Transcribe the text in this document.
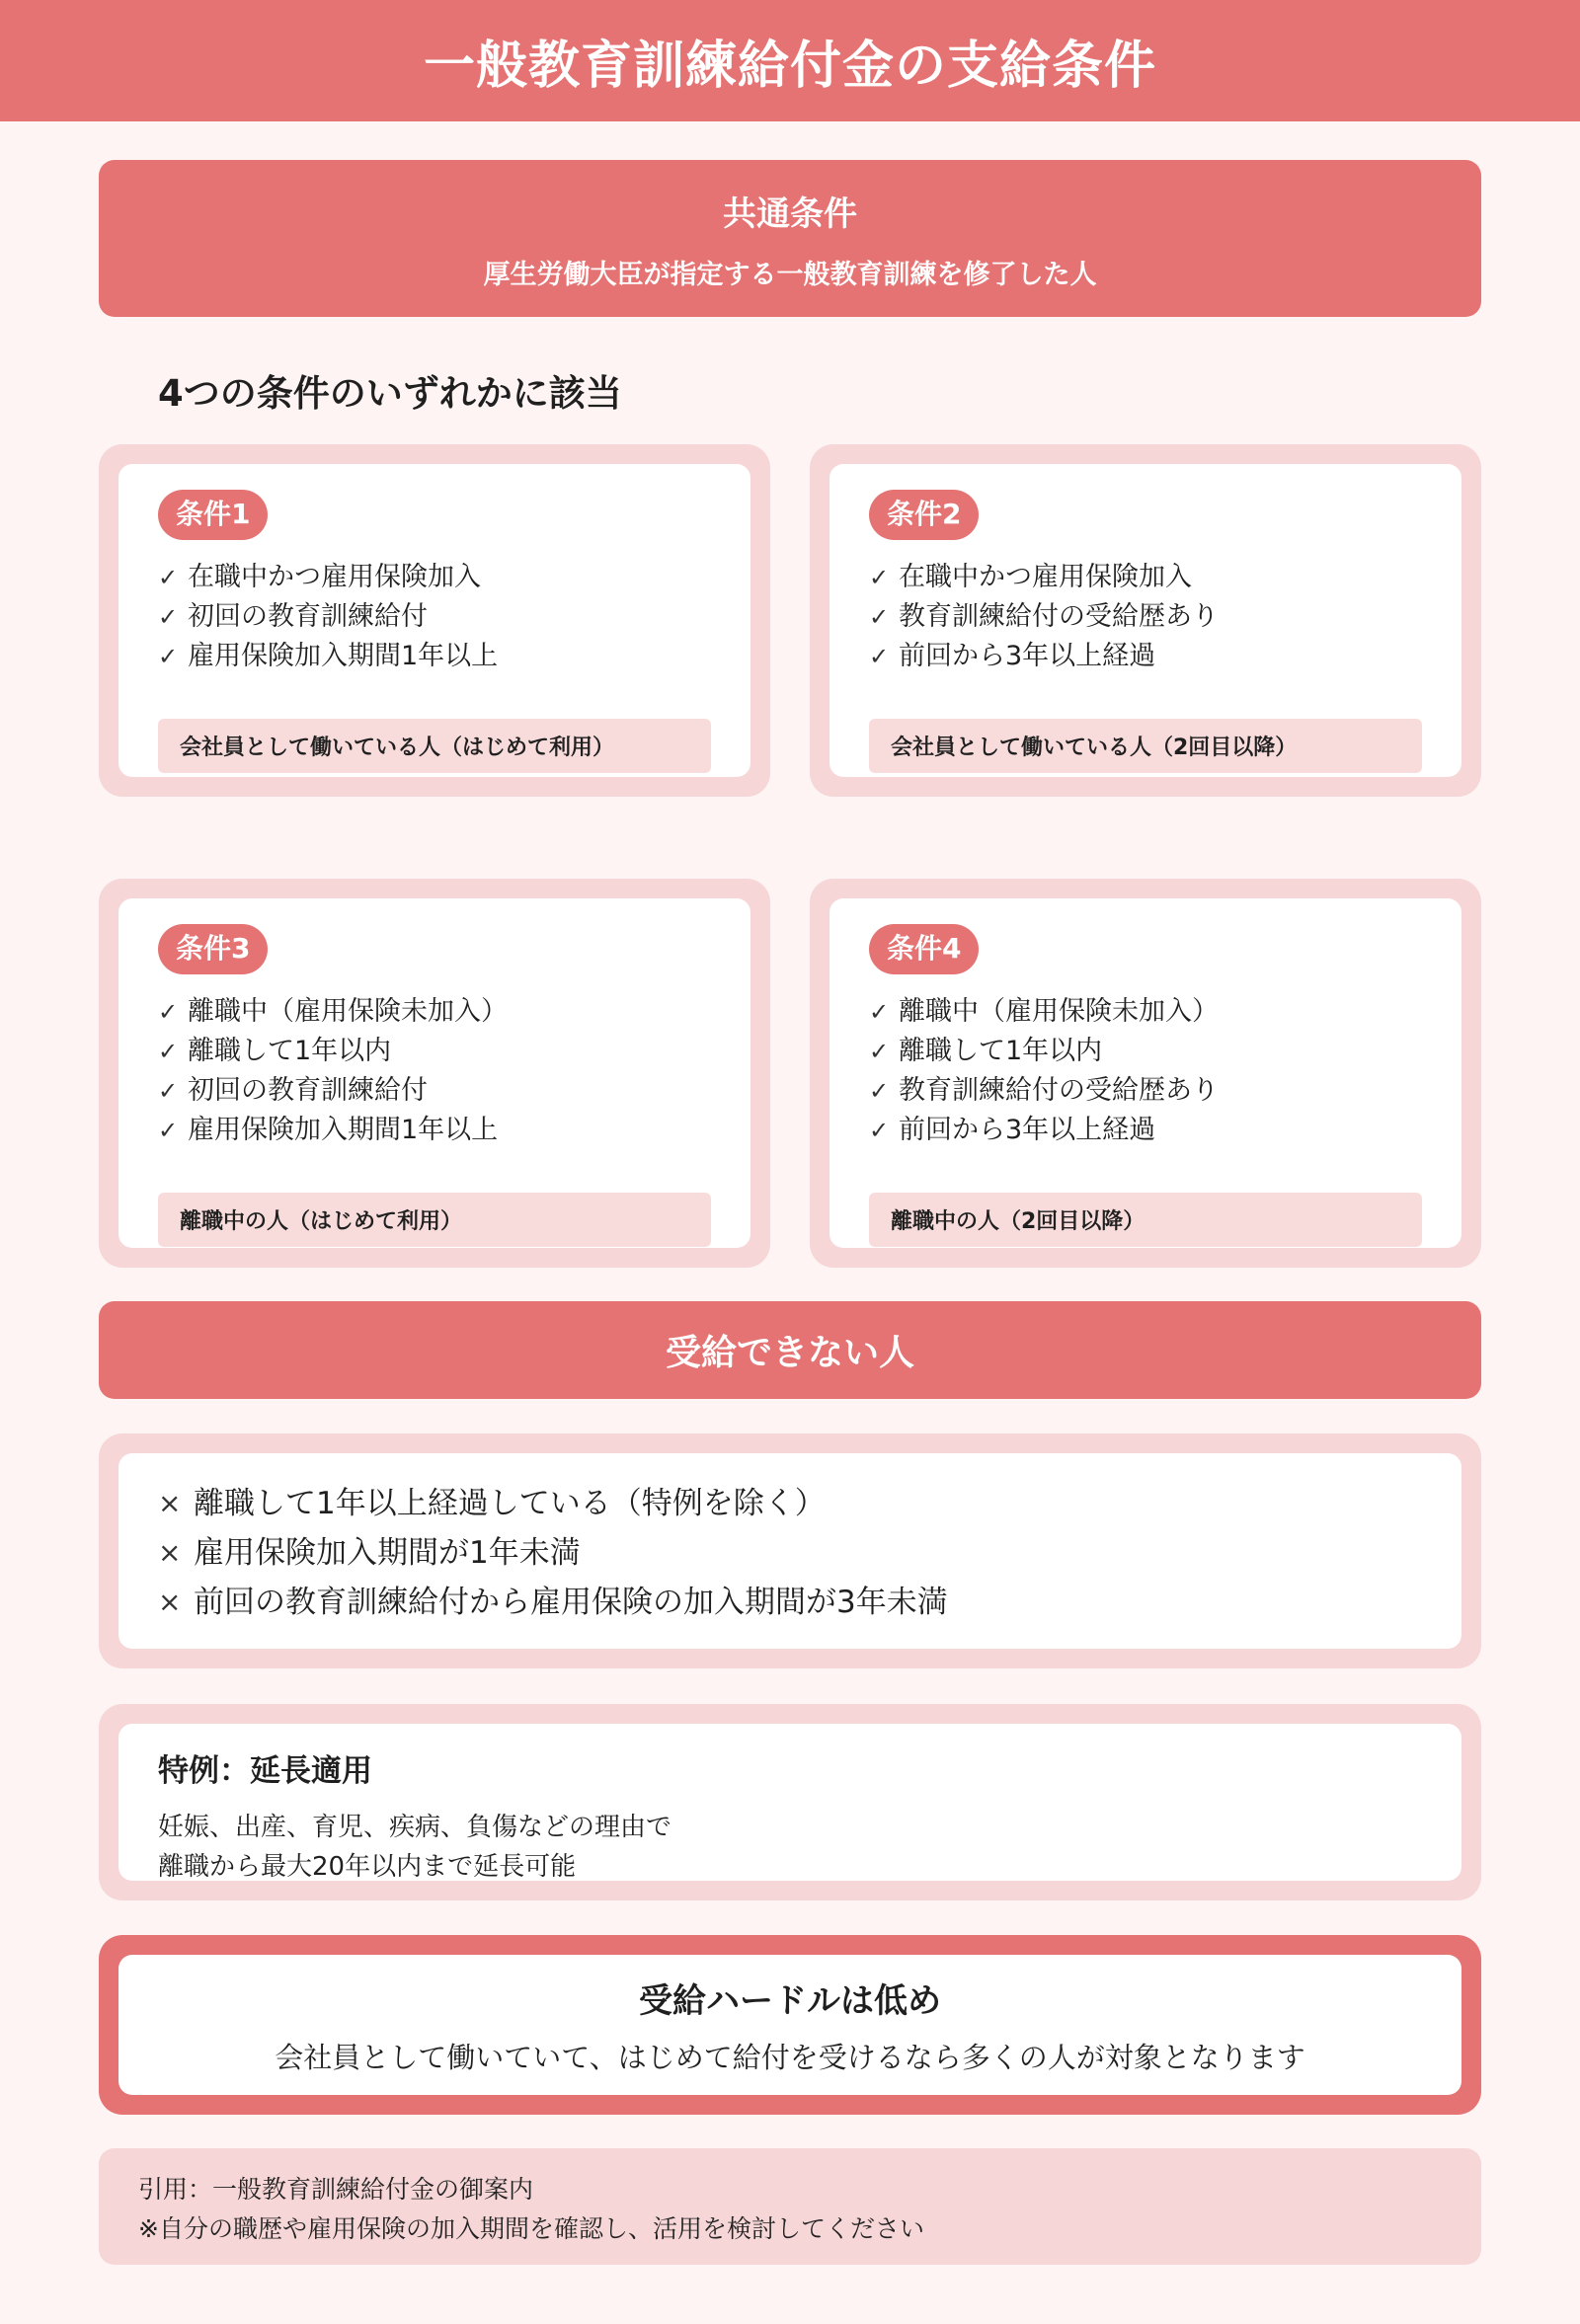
一般教育訓練給付金の支給条件
共通条件
厚生労働大臣が指定する一般教育訓練を修了した人
4つの条件のいずれかに該当
条件1
✓ 在職中かつ雇用保険加入
✓ 初回の教育訓練給付
✓ 雇用保険加入期間1年以上
会社員として働いている人（はじめて利用）
条件2
✓ 在職中かつ雇用保険加入
✓ 教育訓練給付の受給歴あり
✓ 前回から3年以上経過
会社員として働いている人（2回目以降）
条件3
✓ 離職中（雇用保険未加入）
✓ 離職して1年以内
✓ 初回の教育訓練給付
✓ 雇用保険加入期間1年以上
離職中の人（はじめて利用）
条件4
✓ 離職中（雇用保険未加入）
✓ 離職して1年以内
✓ 教育訓練給付の受給歴あり
✓ 前回から3年以上経過
離職中の人（2回目以降）
受給できない人
× 離職して1年以上経過している（特例を除く）
× 雇用保険加入期間が1年未満
× 前回の教育訓練給付から雇用保険の加入期間が3年未満
特例：延長適用
妊娠、出産、育児、疾病、負傷などの理由で
離職から最大20年以内まで延長可能
受給ハードルは低め
会社員として働いていて、はじめて給付を受けるなら多くの人が対象となります
引用：一般教育訓練給付金の御案内
※自分の職歴や雇用保険の加入期間を確認し、活用を検討してください
